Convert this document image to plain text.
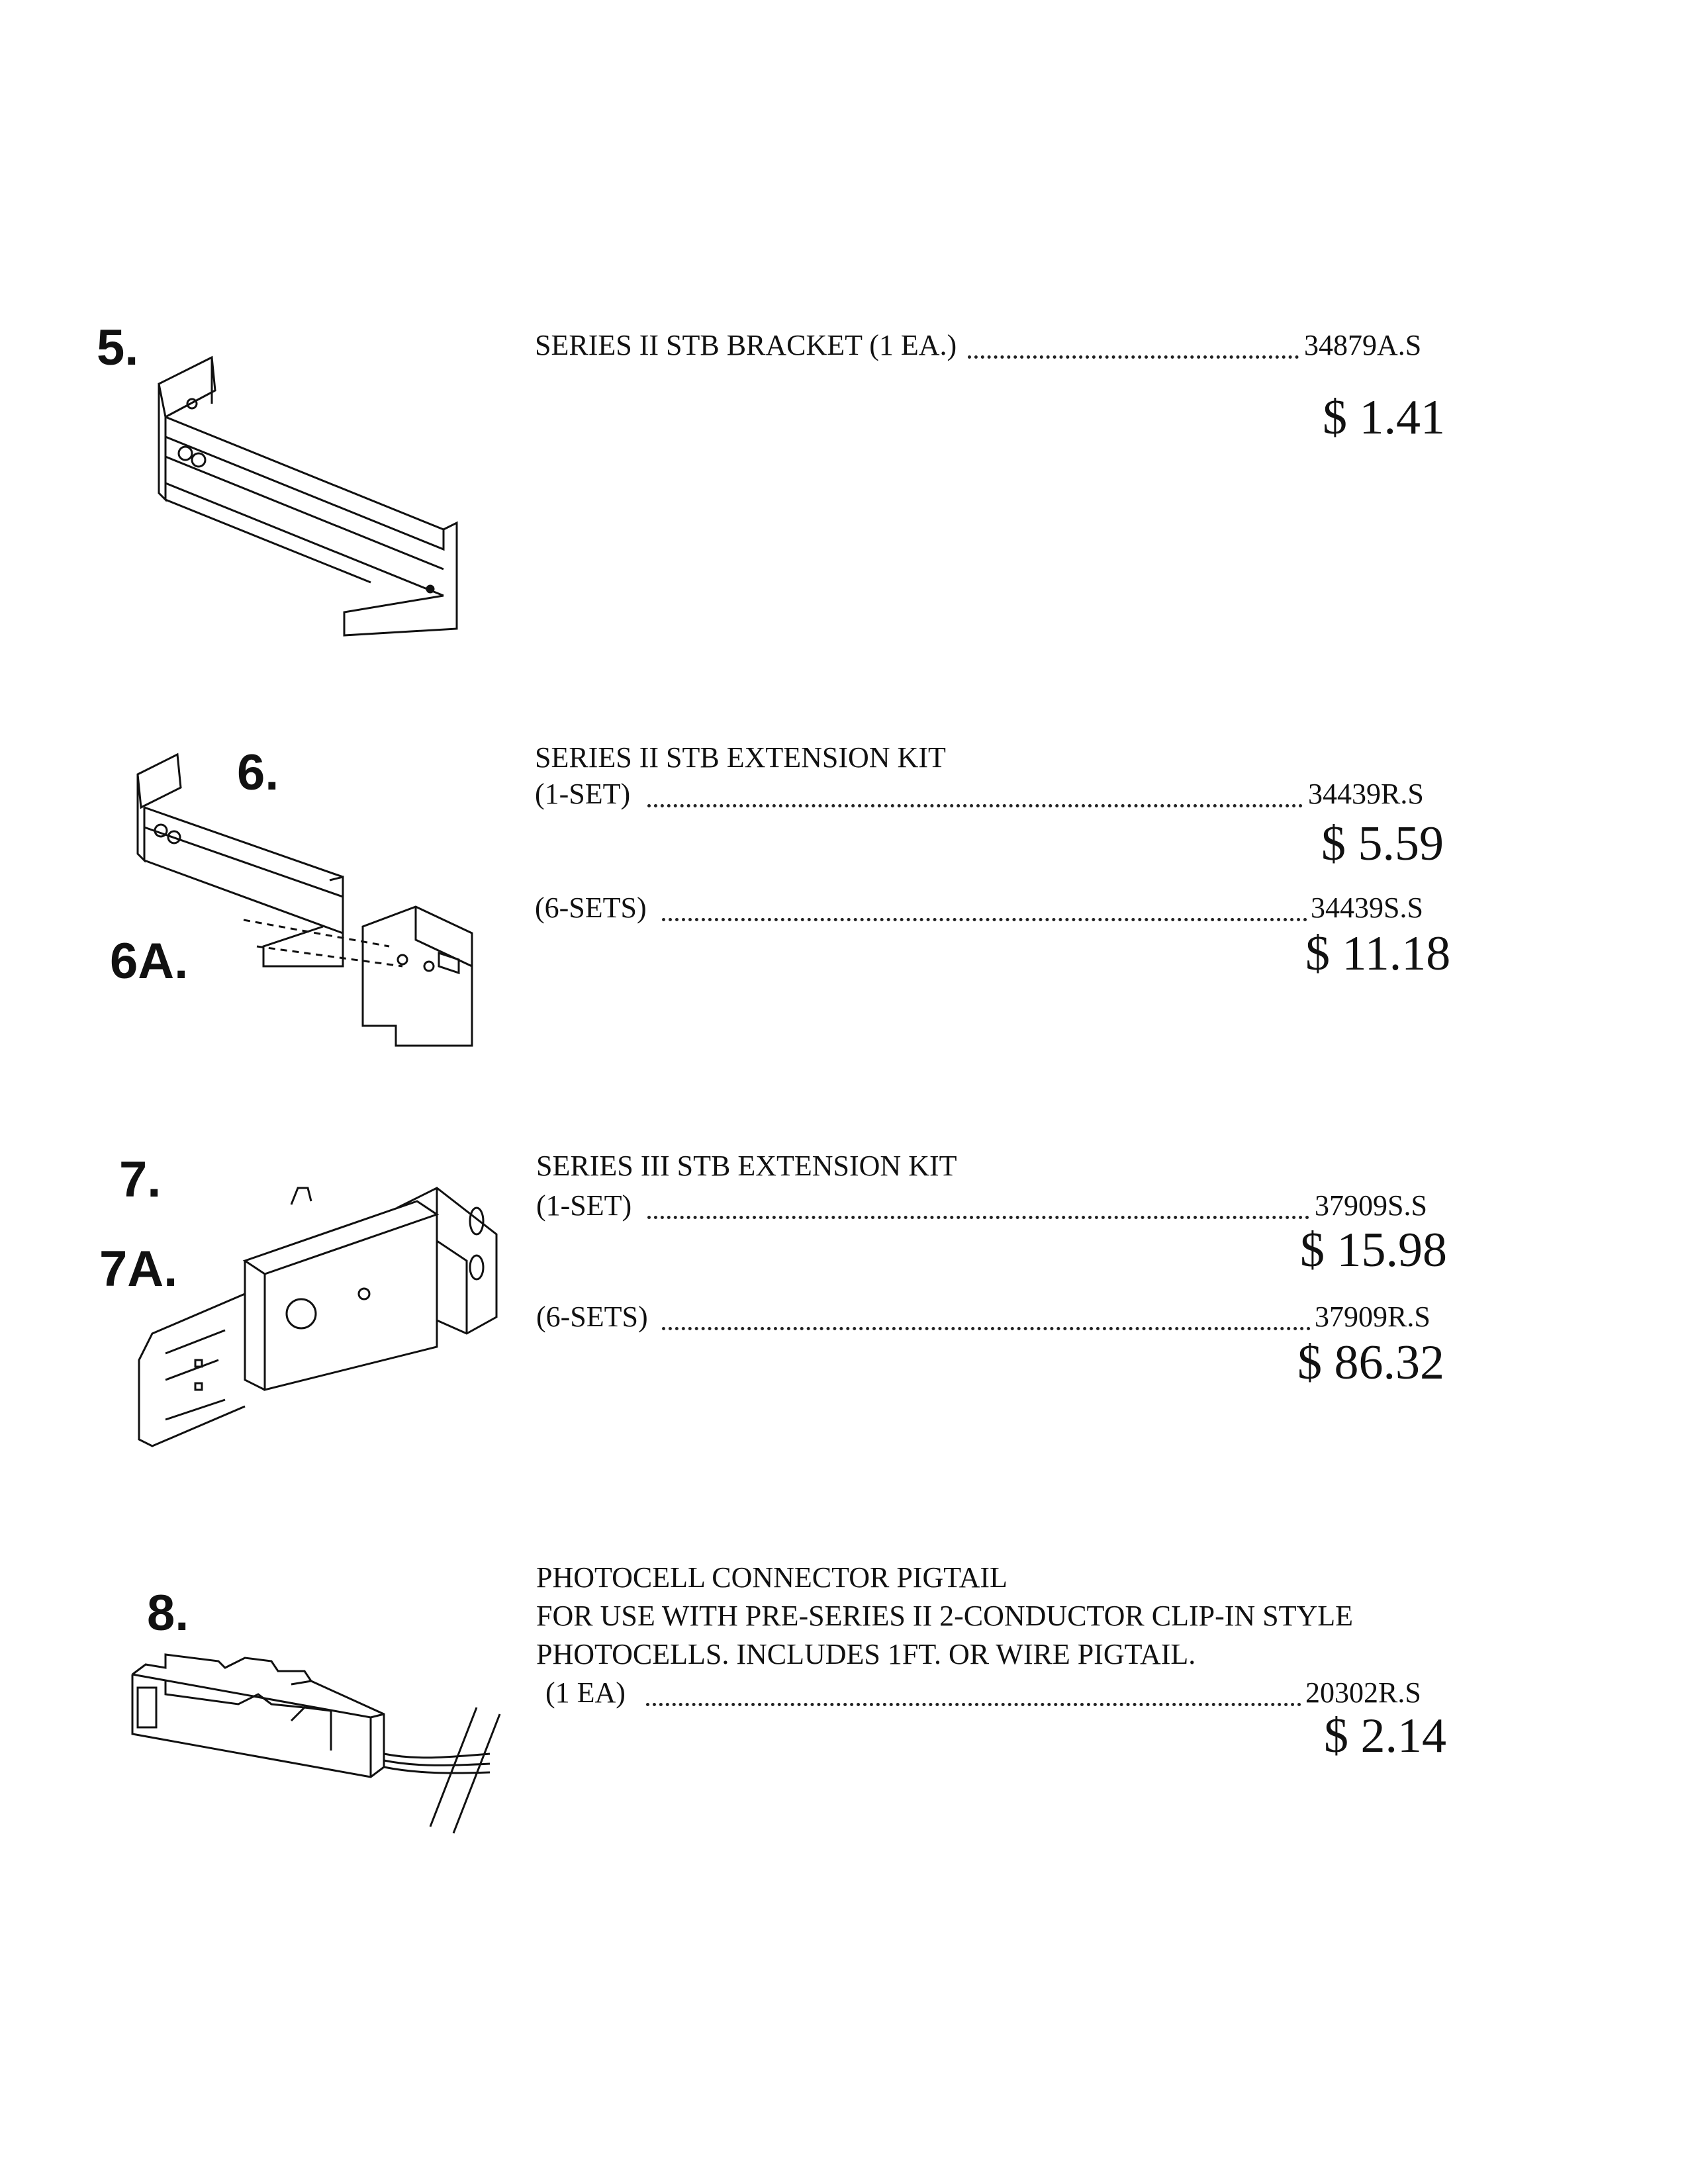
5.	SERIES II STB BRACKET (1 EA.)	34879A.S
$ 1.41
6.
6A.
SERIES II STB EXTENSION KIT
(1-SET)	34439R.S
$ 5.59
(6-SETS)	34439S.S
$ 11.18
7.
7A.
SERIES III STB EXTENSION KIT
(1-SET)	37909S.S
$ 15.98
(6-SETS)	37909R.S
$ 86.32
8.
PHOTOCELL CONNECTOR PIGTAIL
FOR USE WITH PRE-SERIES II 2-CONDUCTOR CLIP-IN STYLE
PHOTOCELLS. INCLUDES 1FT. OR WIRE PIGTAIL.
(1 EA)	20302R.S
$ 2.14
